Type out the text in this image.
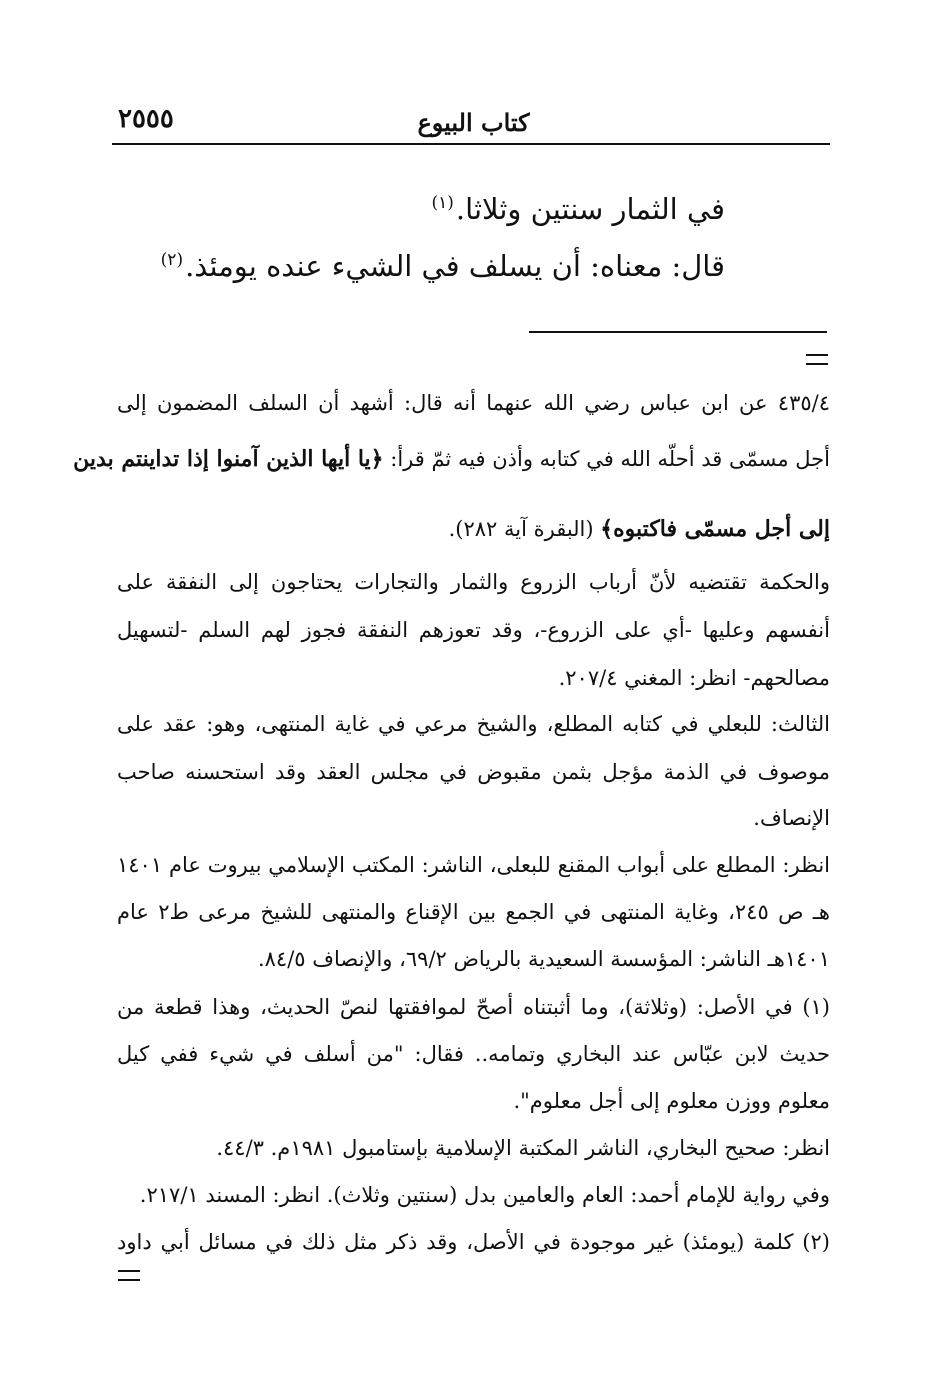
كتاب البيوع
٢٥٥٥
في الثمار سنتين وثلاثا.$^{(١)}$
قال: معناه: أن يسلف في الشيء عنده يومئذ.$^{(٢)}$
٤٣٥/٤ عن ابن عباس رضي الله عنهما أنه قال: أشهد أن السلف المضمون إلى
أجل مسمّى قد أحلّه الله في كتابه وأذن فيه ثمّ قرأ: ﴿يا أيها الذين آمنوا إذا تداينتم بدين
إلى أجل مسمّى فاكتبوه﴾ (البقرة آية ٢٨٢).
والحكمة تقتضيه لأنّ أرباب الزروع والثمار والتجارات يحتاجون إلى النفقة على
أنفسهم وعليها -أي على الزروع-، وقد تعوزهم النفقة فجوز لهم السلم -لتسهيل
مصالحهم- انظر: المغني ٢٠٧/٤.
الثالث: للبعلي في كتابه المطلع، والشيخ مرعي في غاية المنتهى، وهو: عقد على
موصوف في الذمة مؤجل بثمن مقبوض في مجلس العقد وقد استحسنه صاحب
الإنصاف.
انظر: المطلع على أبواب المقنع للبعلى، الناشر: المكتب الإسلامي بيروت عام ١٤٠١
هـ ص ٢٤٥، وغاية المنتهى في الجمع بين الإقناع والمنتهى للشيخ مرعى ط٢ عام
١٤٠١هـ الناشر: المؤسسة السعيدية بالرياض ٦٩/٢، والإنصاف ٨٤/٥.
(١) في الأصل: (وثلاثة)، وما أثبتناه أصحّ لموافقتها لنصّ الحديث، وهذا قطعة من
حديث لابن عبّاس عند البخاري وتمامه.. فقال: "من أسلف في شيء ففي كيل
معلوم ووزن معلوم إلى أجل معلوم".
انظر: صحيح البخاري، الناشر المكتبة الإسلامية بإستامبول ١٩٨١م. ٤٤/٣.
وفي رواية للإمام أحمد: العام والعامين بدل (سنتين وثلاث). انظر: المسند ٢١٧/١.
(٢) كلمة (يومئذ) غير موجودة في الأصل، وقد ذكر مثل ذلك في مسائل أبي داود
